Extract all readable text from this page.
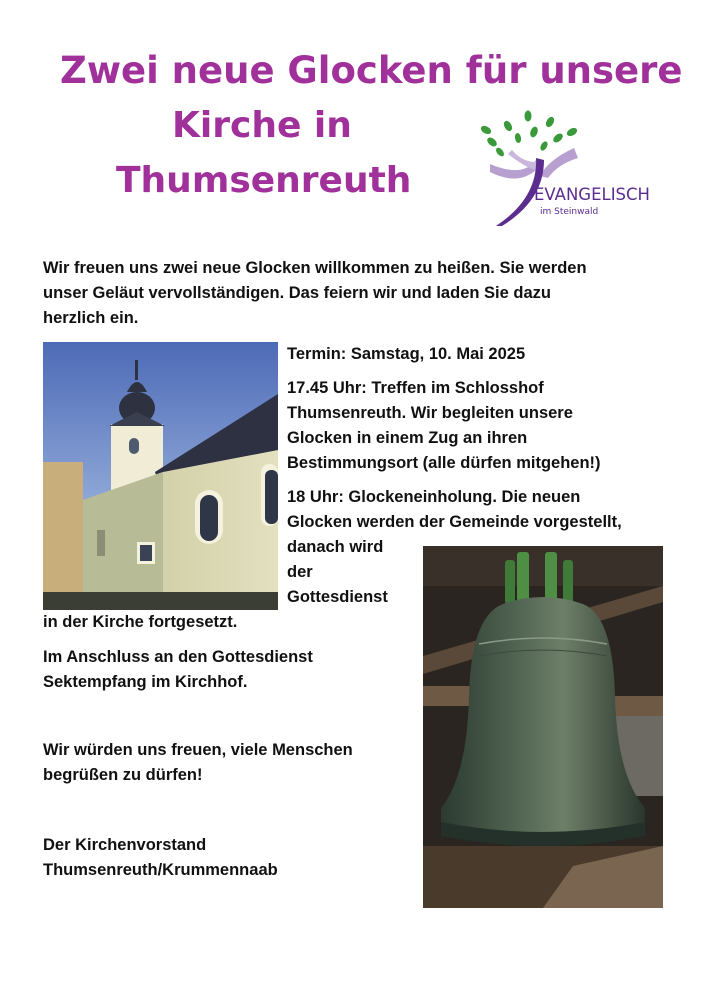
Zwei neue Glocken für unsere
Kirche in
Thumsenreuth	EVANGELISCH
im Steinwald
Wir freuen uns zwei neue Glocken willkommen zu heißen. Sie werden
unser Geläut vervollständigen. Das feiern wir und laden Sie dazu
herzlich ein.
Termin: Samstag, 10. Mai 2025
17.45 Uhr: Treffen im Schlosshof
Thumsenreuth. Wir begleiten unsere
Glocken in einem Zug an ihren
Bestimmungsort (alle dürfen mitgehen!)
18 Uhr: Glockeneinholung. Die neuen
Glocken werden der Gemeinde vorgestellt,
danach wird
der
Gottesdienst
in der Kirche fortgesetzt.
Im Anschluss an den Gottesdienst
Sektempfang im Kirchhof.
Wir würden uns freuen, viele Menschen
begrüßen zu dürfen!
Der Kirchenvorstand
Thumsenreuth/Krummennaab
